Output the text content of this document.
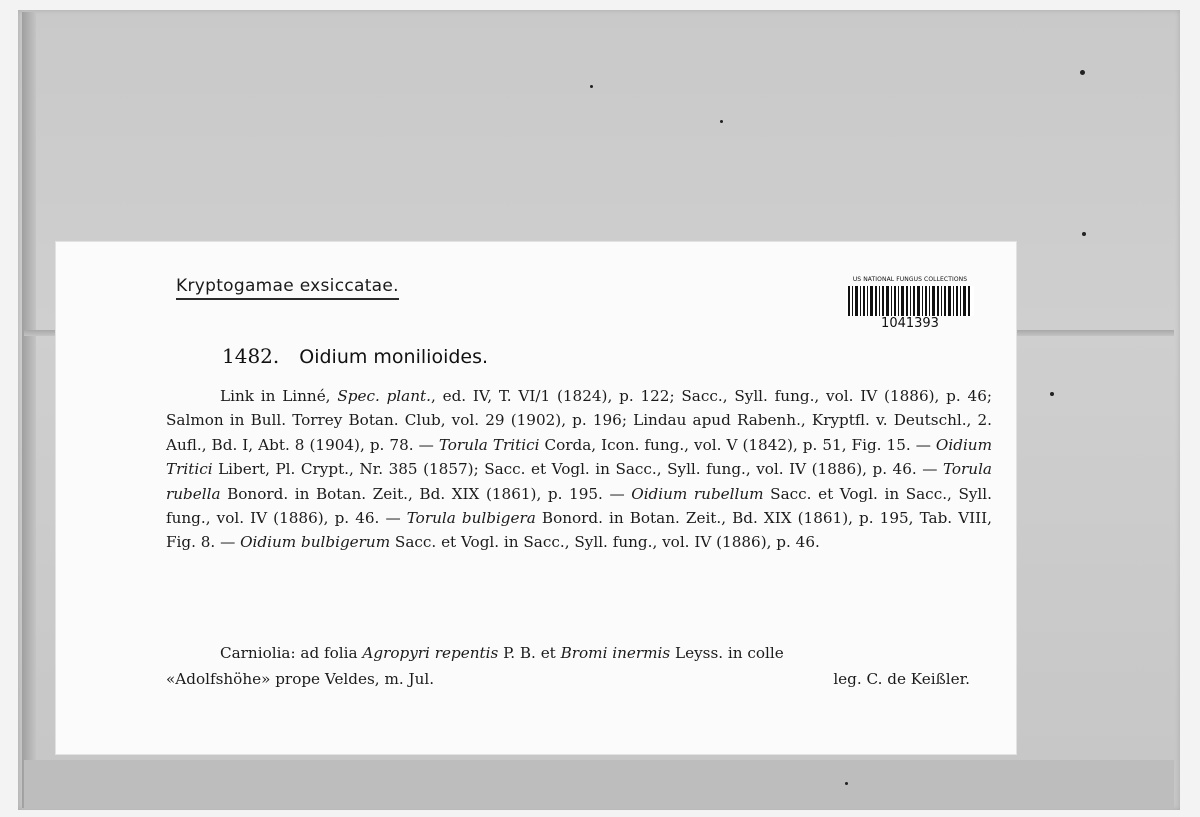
Kryptogamae exsiccatae.	US NATIONAL FUNGUS COLLECTIONS
1041393
1482. Oidium monilioides.

Link in Linné, Spec. plant., ed. IV, T. VI/1 (1824), p. 122; Sacc., Syll. fung., vol. IV (1886), p. 46; Salmon in Bull. Torrey Botan. Club, vol. 29 (1902), p. 196; Lindau apud Rabenh., Kryptfl. v. Deutschl., 2. Aufl., Bd. I, Abt. 8 (1904), p. 78. — Torula Tritici Corda, Icon. fung., vol. V (1842), p. 51, Fig. 15. — Oidium Tritici Libert, Pl. Crypt., Nr. 385 (1857); Sacc. et Vogl. in Sacc., Syll. fung., vol. IV (1886), p. 46. — Torula rubella Bonord. in Botan. Zeit., Bd. XIX (1861), p. 195. — Oidium rubellum Sacc. et Vogl. in Sacc., Syll. fung., vol. IV (1886), p. 46. — Torula bulbigera Bonord. in Botan. Zeit., Bd. XIX (1861), p. 195, Tab. VIII, Fig. 8. — Oidium bulbigerum Sacc. et Vogl. in Sacc., Syll. fung., vol. IV (1886), p. 46.

Carniolia: ad folia Agropyri repentis P. B. et Bromi inermis Leyss. in colle

«Adolfshöhe» prope Veldes, m. Jul.	leg. C. de Keißler.
